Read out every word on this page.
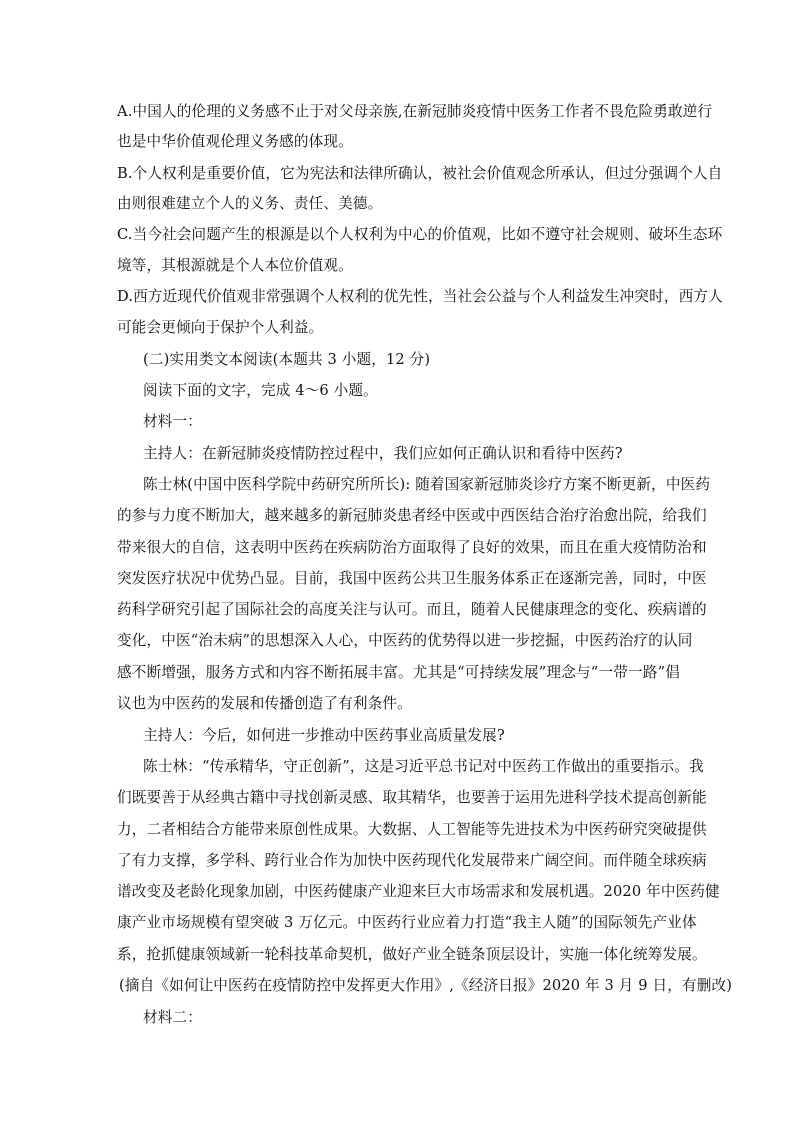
A.中国人的伦理的义务感不止于对父母亲族,在新冠肺炎疫情中医务工作者不畏危险勇敢逆行
也是中华价值观伦理义务感的体现。
B.个人权利是重要价值，它为宪法和法律所确认，被社会价值观念所承认，但过分强调个人自
由则很难建立个人的义务、责任、美德。
C.当今社会问题产生的根源是以个人权利为中心的价值观，比如不遵守社会规则、破坏生态环
境等，其根源就是个人本位价值观。
D.西方近现代价值观非常强调个人权利的优先性，当社会公益与个人利益发生冲突时，西方人
可能会更倾向于保护个人利益。
(二)实用类文本阅读(本题共 3 小题，12 分)
阅读下面的文字，完成 4～6 小题。
材料一：
主持人：在新冠肺炎疫情防控过程中，我们应如何正确认识和看待中医药?
陈士林(中国中医科学院中药研究所所长): 随着国家新冠肺炎诊疗方案不断更新，中医药
的参与力度不断加大，越来越多的新冠肺炎患者经中医或中西医结合治疗治愈出院，给我们
带来很大的自信，这表明中医药在疾病防治方面取得了良好的效果，而且在重大疫情防治和
突发医疗状况中优势凸显。目前，我国中医药公共卫生服务体系正在逐渐完善，同时，中医
药科学研究引起了国际社会的高度关注与认可。而且，随着人民健康理念的变化、疾病谱的
变化，中医“治未病”的思想深入人心，中医药的优势得以进一步挖掘，中医药治疗的认同
感不断增强，服务方式和内容不断拓展丰富。尤其是“可持续发展”理念与“一带一路”倡
议也为中医药的发展和传播创造了有利条件。
主持人：今后，如何进一步推动中医药事业高质量发展?
陈士林：“传承精华，守正创新”，这是习近平总书记对中医药工作做出的重要指示。我
们既要善于从经典古籍中寻找创新灵感、取其精华，也要善于运用先进科学技术提高创新能
力，二者相结合方能带来原创性成果。大数据、人工智能等先进技术为中医药研究突破提供
了有力支撑，多学科、跨行业合作为加快中医药现代化发展带来广阔空间。而伴随全球疾病
谱改变及老龄化现象加剧，中医药健康产业迎来巨大市场需求和发展机遇。2020 年中医药健
康产业市场规模有望突破 3 万亿元。中医药行业应着力打造“我主人随”的国际领先产业体
系，抢抓健康领域新一轮科技革命契机，做好产业全链条顶层设计，实施一体化统筹发展。
(摘自《如何让中医药在疫情防控中发挥更大作用》,《经济日报》2020 年 3 月 9 日，有删改)
材料二：
